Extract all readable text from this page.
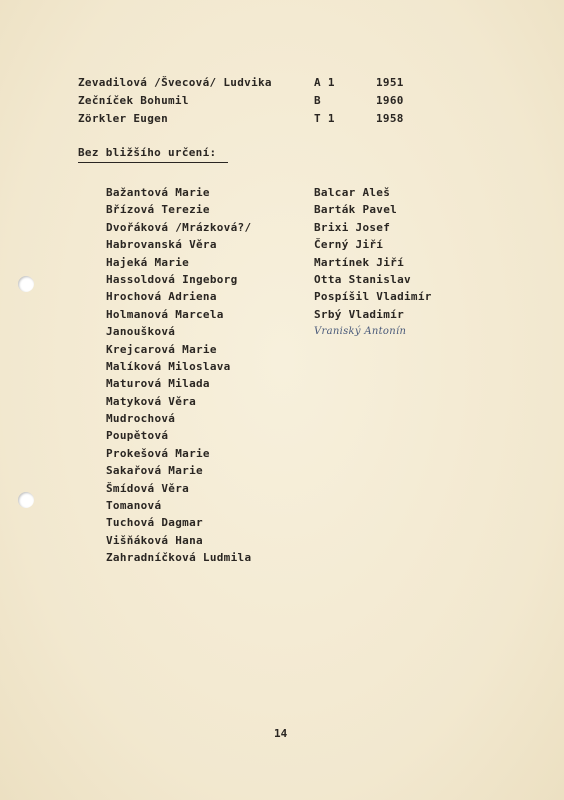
Zevadilová /Švecová/ Ludvika	A 1	1951
Zečníček Bohumil	B	1960
Zörkler Eugen	T 1	1958
Bez bližšího určení:
Bažantová Marie
Břízová Terezie
Dvořáková /Mrázková?/
Habrovanská Věra
Hajeká Marie
Hassoldová Ingeborg
Hrochová Adriena
Holmanová Marcela
Janoušková
Krejcarová Marie
Malíková Miloslava
Maturová Milada
Matyková Věra
Mudrochová
Poupětová
Prokešová Marie
Sakařová Marie
Šmídová Věra
Tomanová
Tuchová Dagmar
Višňáková Hana
Zahradníčková Ludmila
Balcar Aleš
Barták Pavel
Brixi Josef
Černý Jiří
Martínek Jiří
Otta Stanislav
Pospíšil Vladimír
Srbý Vladimír
Vraniský Antonín
14
